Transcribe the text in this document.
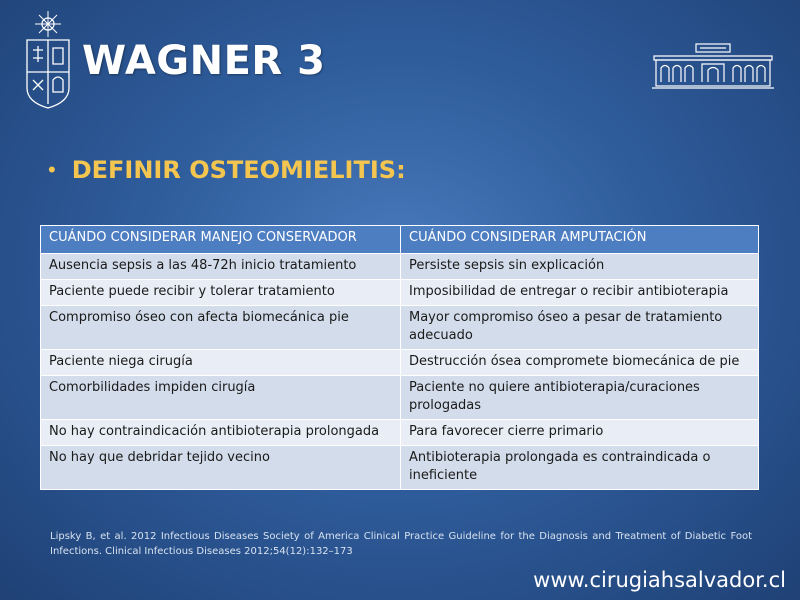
WAGNER 3
• DEFINIR OSTEOMIELITIS:
CUÁNDO CONSIDERAR MANEJO CONSERVADOR	CUÁNDO CONSIDERAR AMPUTACIÓN
Ausencia sepsis a las 48-72h inicio tratamiento	Persiste sepsis sin explicación
Paciente puede recibir y tolerar tratamiento	Imposibilidad de entregar o recibir antibioterapia
Compromiso óseo con afecta biomecánica pie	Mayor compromiso óseo a pesar de tratamiento adecuado
Paciente niega cirugía	Destrucción ósea compromete biomecánica de pie
Comorbilidades impiden cirugía	Paciente no quiere antibioterapia/curaciones prologadas
No hay contraindicación antibioterapia prolongada	Para favorecer cierre primario
No hay que debridar tejido vecino	Antibioterapia prolongada es contraindicada o ineficiente

Lipsky B, et al. 2012 Infectious Diseases Society of America Clinical Practice Guideline for the Diagnosis and Treatment of Diabetic Foot Infections. Clinical Infectious Diseases 2012;54(12):132–173

www.cirugiahsalvador.cl
